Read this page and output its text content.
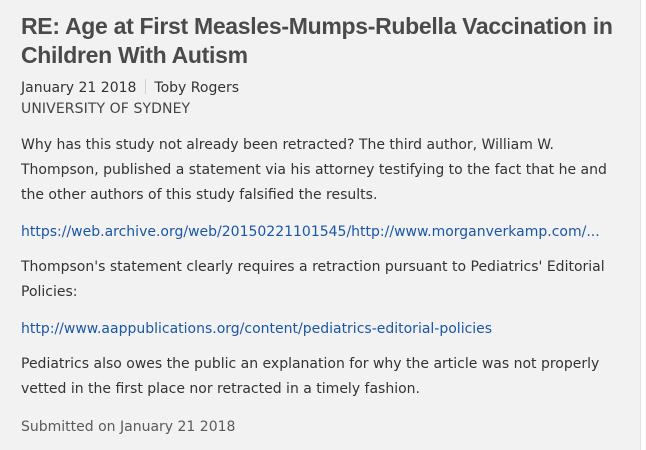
RE: Age at First Measles-Mumps-Rubella Vaccination in Children With Autism
January 21 2018 Toby Rogers
UNIVERSITY OF SYDNEY

Why has this study not already been retracted? The third author, William W. Thompson, published a statement via his attorney testifying to the fact that he and the other authors of this study falsified the results.

https://web.archive.org/web/20150221101545/http://www.morganverkamp.com/...

Thompson's statement clearly requires a retraction pursuant to Pediatrics' Editorial Policies:

http://www.aappublications.org/content/pediatrics-editorial-policies

Pediatrics also owes the public an explanation for why the article was not properly vetted in the first place nor retracted in a timely fashion.

Submitted on January 21 2018
